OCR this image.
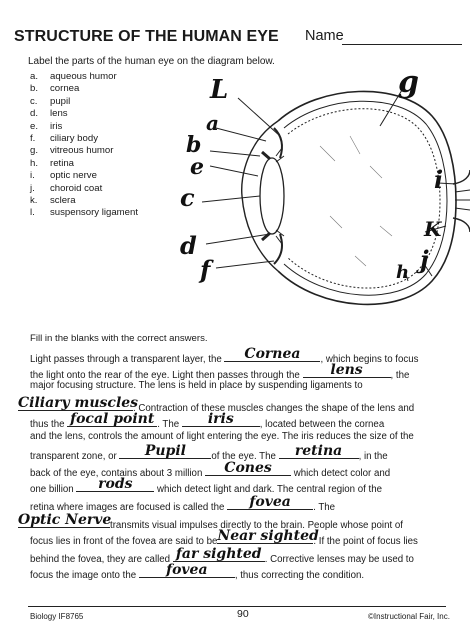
STRUCTURE OF THE HUMAN EYE Name
Label the parts of the human eye on the diagram below.
a. aqueous humor
b. cornea
c. pupil
d. lens
e. iris
f. ciliary body
g. vitreous humor
h. retina
i. optic nerve
j. choroid coat
k. sclera
l. suspensory ligament
L
a
b
e
c
d
f
g
i
K
h j
Fill in the blanks with the correct answers.
Light passes through a transparent layer, the	Cornea	, which begins to focus
the light onto the rear of the eye. Light then passes through the	lens	, the
major focusing structure. The lens is held in place by suspending ligaments to
Ciliary muscles
. Contraction of these muscles changes the shape of the lens and
thus the focal point . The	iris	, located between the cornea
and the lens, controls the amount of light entering the eye. The iris reduces the size of the
transparent zone, or	Pupil	of the eye. The	retina	, in the
back of the eye, contains about 3 million	Cones	which detect color and
one billion	rods	which detect light and dark. The central region of the
retina where images are focused is called the	fovea	. The
Optic Nerve
transmits visual impulses directly to the brain. People whose point of
focus lies in front of the fovea are said to be Near sighted
. If the point of focus lies
behind the fovea, they are called far sighted . Corrective lenses may be used to
focus the image onto the	fovea	, thus correcting the condition.
Biology IF8765	90	©Instructional Fair, Inc.
